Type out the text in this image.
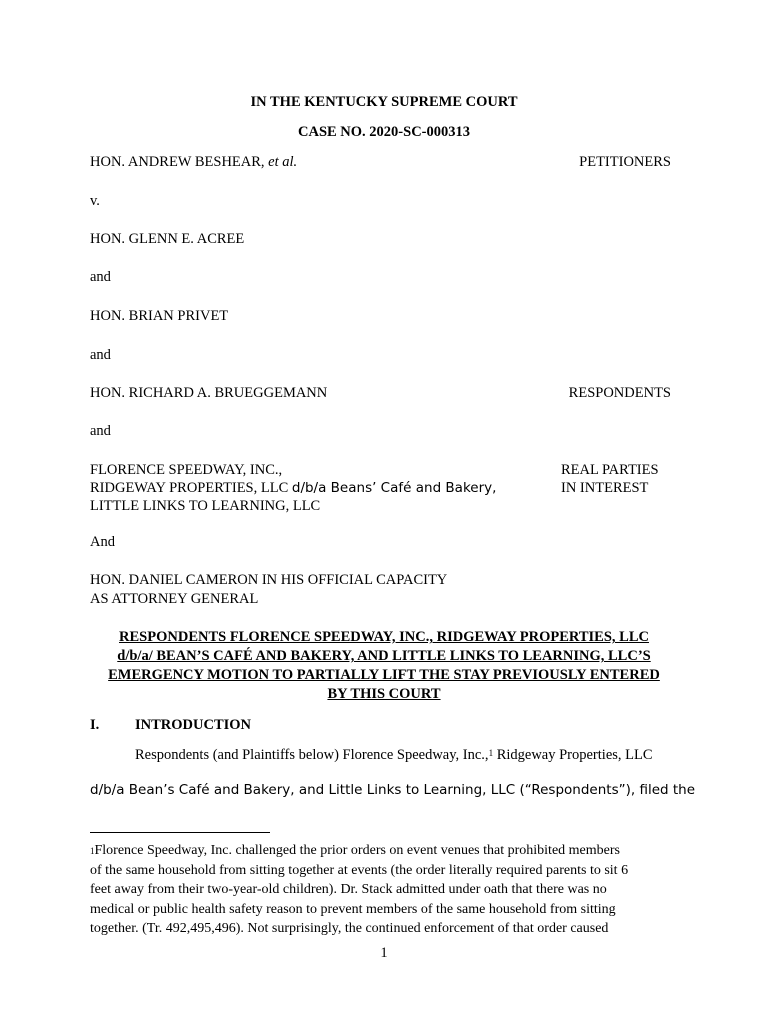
IN THE KENTUCKY SUPREME COURT
CASE NO. 2020-SC-000313
HON. ANDREW BESHEAR, et al.	PETITIONERS
v.
HON. GLENN E. ACREE
and
HON. BRIAN PRIVET
and
HON. RICHARD A. BRUEGGEMANN	RESPONDENTS
and
FLORENCE SPEEDWAY, INC.,
RIDGEWAY PROPERTIES, LLC d/b/a Beans’ Café and Bakery,
LITTLE LINKS TO LEARNING, LLC
REAL PARTIES
IN INTEREST
And
HON. DANIEL CAMERON IN HIS OFFICIAL CAPACITY
AS ATTORNEY GENERAL
RESPONDENTS FLORENCE SPEEDWAY, INC., RIDGEWAY PROPERTIES, LLC
d/b/a/ BEAN’S CAFÉ AND BAKERY, AND LITTLE LINKS TO LEARNING, LLC’S
EMERGENCY MOTION TO PARTIALLY LIFT THE STAY PREVIOUSLY ENTERED
BY THIS COURT
I. INTRODUCTION
Respondents (and Plaintiffs below) Florence Speedway, Inc.,$^1$ Ridgeway Properties, LLC
d/b/a Bean’s Café and Bakery, and Little Links to Learning, LLC (“Respondents”), filed the
$^1$Florence Speedway, Inc. challenged the prior orders on event venues that prohibited members
of the same household from sitting together at events (the order literally required parents to sit 6
feet away from their two-year-old children). Dr. Stack admitted under oath that there was no
medical or public health safety reason to prevent members of the same household from sitting
together. (Tr. 492,495,496). Not surprisingly, the continued enforcement of that order caused
1
